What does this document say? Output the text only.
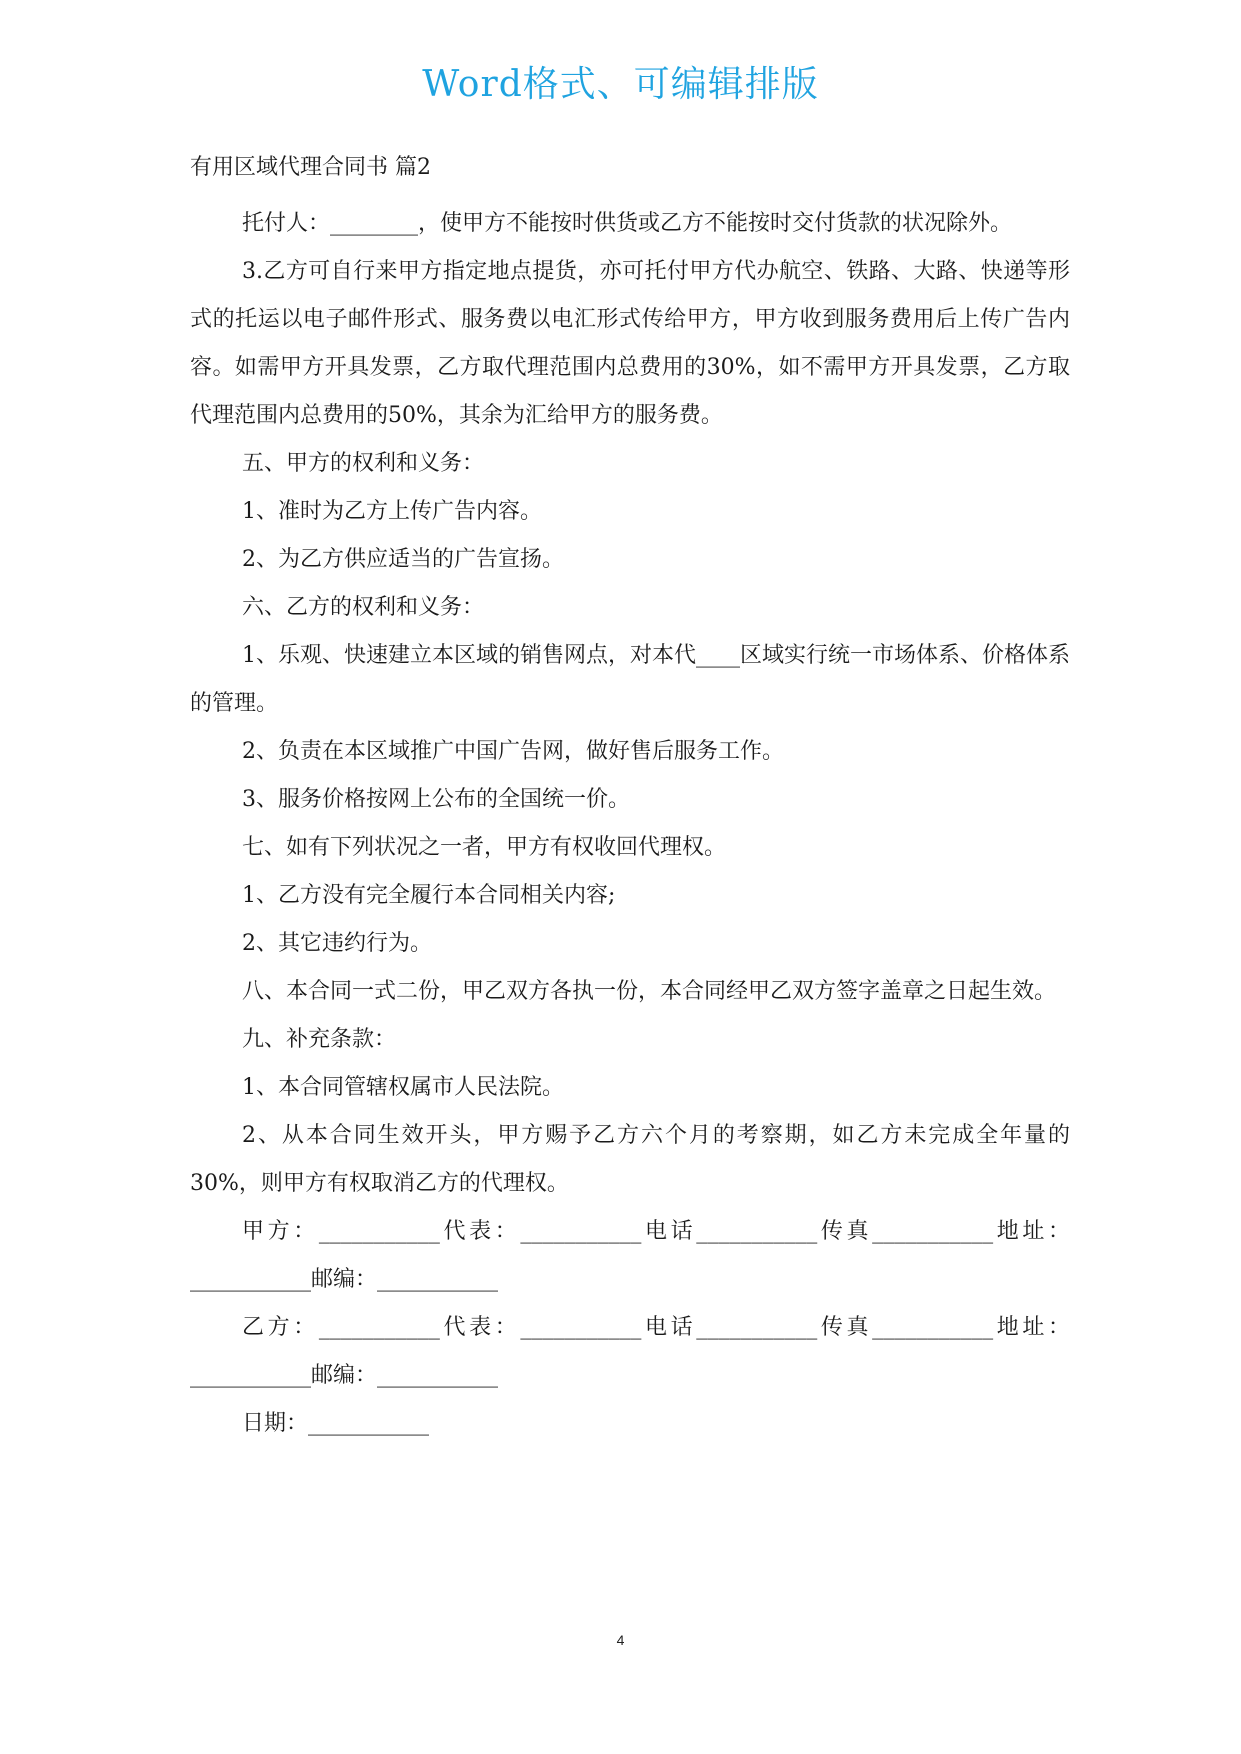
Word格式、可编辑排版
有用区域代理合同书 篇2

托付人：________，使甲方不能按时供货或乙方不能按时交付货款的状况除外。

3.乙方可自行来甲方指定地点提货，亦可托付甲方代办航空、铁路、大路、快递等形式的托运以电子邮件形式、服务费以电汇形式传给甲方，甲方收到服务费用后上传广告内容。如需甲方开具发票，乙方取代理范围内总费用的30%，如不需甲方开具发票，乙方取代理范围内总费用的50%，其余为汇给甲方的服务费。

五、甲方的权利和义务：

1、准时为乙方上传广告内容。

2、为乙方供应适当的广告宣扬。

六、乙方的权利和义务：

1、乐观、快速建立本区域的销售网点，对本代____区域实行统一市场体系、价格体系的管理。

2、负责在本区域推广中国广告网，做好售后服务工作。

3、服务价格按网上公布的全国统一价。

七、如有下列状况之一者，甲方有权收回代理权。

1、乙方没有完全履行本合同相关内容;

2、其它违约行为。

八、本合同一式二份，甲乙双方各执一份，本合同经甲乙双方签字盖章之日起生效。

九、补充条款：

1、本合同管辖权属市人民法院。

2、从本合同生效开头，甲方赐予乙方六个月的考察期，如乙方未完成全年量的30%，则甲方有权取消乙方的代理权。

甲方：___________代表：___________电话___________传真___________地址：___________邮编：___________

乙方：___________代表：___________电话___________传真___________地址：___________邮编：___________

日期：___________

4
